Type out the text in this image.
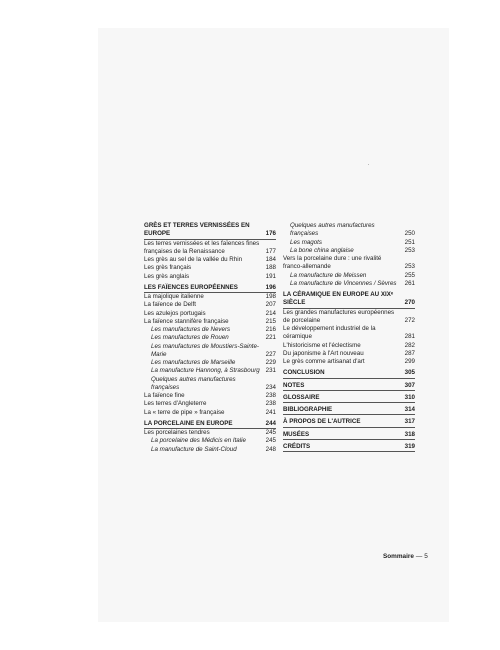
GRÈS ET TERRES VERNISSÉES EN EUROPE	176
Les terres vernissées et les faïences fines françaises de la Renaissance	177
Les grès au sel de la vallée du Rhin	184
Les grès français	188
Les grès anglais	191
LES FAÏENCES EUROPÉENNES	196
La majolique italienne	198
La faïence de Delft	207
Les azulejos portugais	214
La faïence stannifère française	215
Les manufactures de Nevers	216
Les manufactures de Rouen	221
Les manufactures de Moustiers-Sainte-Marie	227
Les manufactures de Marseille	229
La manufacture Hannong, à Strasbourg 231
Quelques autres manufactures françaises	234
La faïence fine	238
Les terres d'Angleterre	238
La « terre de pipe » française	241
LA PORCELAINE EN EUROPE	244
Les porcelaines tendres	245
La porcelaine des Médicis en Italie	245
La manufacture de Saint-Cloud	248
Quelques autres manufactures françaises	250
Les magots	251
La bone china anglaise	253
Vers la porcelaine dure : une rivalité franco-allemande	253
La manufacture de Meissen	255
La manufacture de Vincennes / Sèvres	261
LA CÉRAMIQUE EN EUROPE AU XIXᵉ SIÈCLE	270
Les grandes manufactures européennes de porcelaine	272
Le développement industriel de la céramique	281
L'historicisme et l'éclectisme	282
Du japonisme à l'Art nouveau	287
Le grès comme artisanat d'art	299
CONCLUSION	305
NOTES	307
GLOSSAIRE	310
BIBLIOGRAPHIE	314
À PROPOS DE L'AUTRICE	317
MUSÉES	318
CRÉDITS	319
Sommaire — 5
